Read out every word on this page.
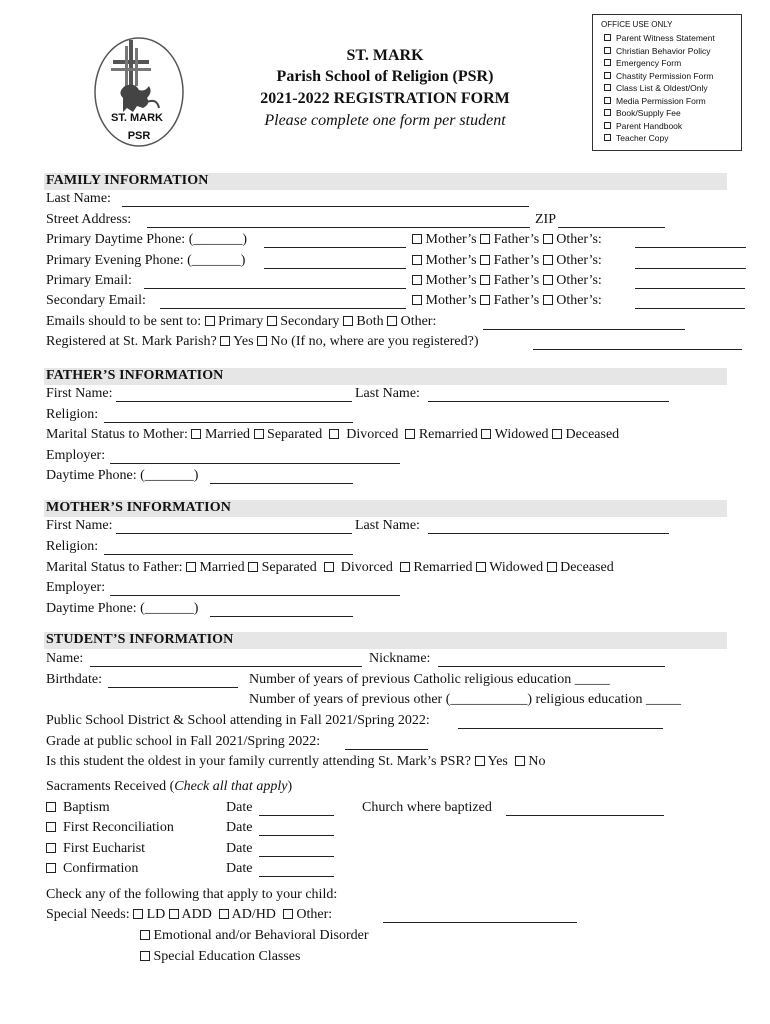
ST. MARK
PSR
ST. MARK
Parish School of Religion (PSR)
2021-2022 REGISTRATION FORM
Please complete one form per student
OFFICE USE ONLY
Parent Witness Statement
Christian Behavior Policy
Emergency Form
Chastity Permission Form
Class List & Oldest/Only
Media Permission Form
Book/Supply Fee
Parent Handbook
Teacher Copy
FAMILY INFORMATION
Last Name:
Street Address:	ZIP
Primary Daytime Phone: (_______)	Mother’s Father’s Other’s:
Primary Evening Phone: (_______)	Mother’s Father’s Other’s:
Primary Email:	Mother’s Father’s Other’s:
Secondary Email:	Mother’s Father’s Other’s:
Emails should to be sent to: Primary Secondary Both Other:
Registered at St. Mark Parish? Yes No (If no, where are you registered?)
FATHER’S INFORMATION
First Name:	Last Name:
Religion:
Marital Status to Mother: Married Separated Divorced Remarried Widowed Deceased
Employer:
Daytime Phone: (_______)
MOTHER’S INFORMATION
First Name:	Last Name:
Religion:
Marital Status to Father: Married Separated Divorced Remarried Widowed Deceased
Employer:
Daytime Phone: (_______)
STUDENT’S INFORMATION
Name:	Nickname:
Birthdate:	Number of years of previous Catholic religious education _____
Number of years of previous other (___________) religious education _____
Public School District & School attending in Fall 2021/Spring 2022:
Grade at public school in Fall 2021/Spring 2022:
Is this student the oldest in your family currently attending St. Mark’s PSR? Yes No
Sacraments Received (Check all that apply)
Baptism	Date	Church where baptized
First Reconciliation	Date
First Eucharist	Date
Confirmation	Date
Check any of the following that apply to your child:
Special Needs: LD ADD AD/HD Other:
Emotional and/or Behavioral Disorder
Special Education Classes
